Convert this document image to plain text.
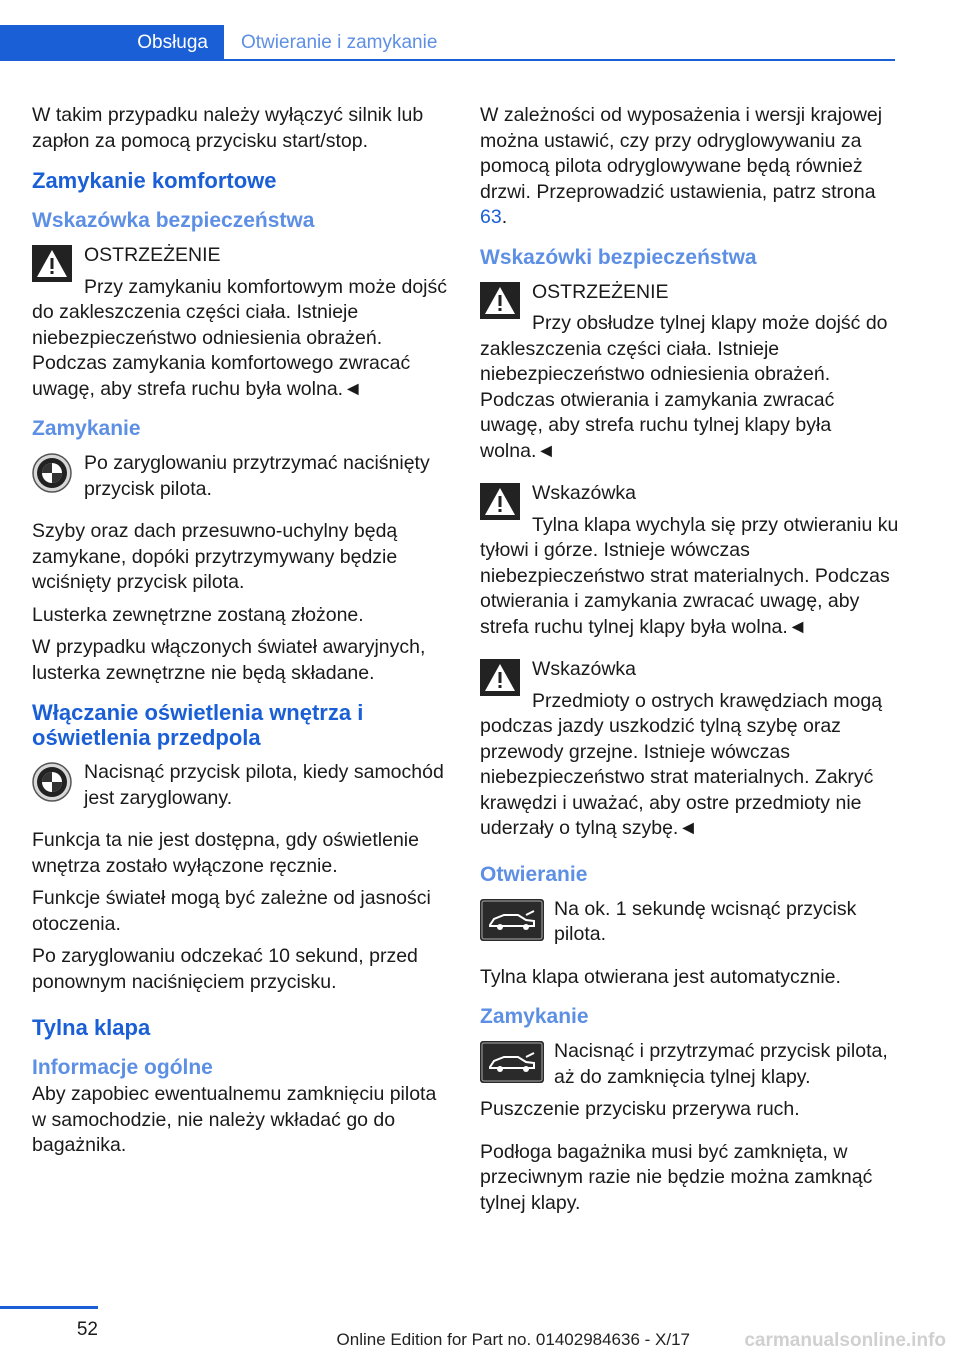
Obsługa	Otwieranie i zamykanie

W takim przypadku należy wyłączyć silnik lub zapłon za pomocą przycisku start/stop.

Zamykanie komfortowe
Wskazówka bezpieczeństwa
OSTRZEŻENIE
Przy zamykaniu komfortowym może dojść do zakleszczenia części ciała. Istnieje niebezpieczeństwo odniesienia obrażeń. Podczas zamykania komfortowego zwracać uwagę, aby strefa ruchu była wolna.◄
Zamykanie
Po zaryglowaniu przytrzymać naciśnięty przycisk pilota.

Szyby oraz dach przesuwno-uchylny będą zamykane, dopóki przytrzymywany będzie wciśnięty przycisk pilota.

Lusterka zewnętrzne zostaną złożone.

W przypadku włączonych świateł awaryjnych, lusterka zewnętrzne nie będą składane.

Włączanie oświetlenia wnętrza i oświetlenia przedpola
Nacisnąć przycisk pilota, kiedy samochód jest zaryglowany.

Funkcja ta nie jest dostępna, gdy oświetlenie wnętrza zostało wyłączone ręcznie.

Funkcje świateł mogą być zależne od jasności otoczenia.

Po zaryglowaniu odczekać 10 sekund, przed ponownym naciśnięciem przycisku.

Tylna klapa
Informacje ogólne

Aby zapobiec ewentualnemu zamknięciu pilota w samochodzie, nie należy wkładać go do bagażnika.

W zależności od wyposażenia i wersji krajowej można ustawić, czy przy odryglowywaniu za pomocą pilota odryglowywane będą również drzwi. Przeprowadzić ustawienia, patrz strona 63.

Wskazówki bezpieczeństwa
OSTRZEŻENIE
Przy obsłudze tylnej klapy może dojść do zakleszczenia części ciała. Istnieje niebezpieczeństwo odniesienia obrażeń. Podczas otwierania i zamykania zwracać uwagę, aby strefa ruchu tylnej klapy była wolna.◄
Wskazówka
Tylna klapa wychyla się przy otwieraniu ku tyłowi i górze. Istnieje wówczas niebezpieczeństwo strat materialnych. Podczas otwierania i zamykania zwracać uwagę, aby strefa ruchu tylnej klapy była wolna.◄
Wskazówka
Przedmioty o ostrych krawędziach mogą podczas jazdy uszkodzić tylną szybę oraz przewody grzejne. Istnieje wówczas niebezpieczeństwo strat materialnych. Zakryć krawędzi i uważać, aby ostre przedmioty nie uderzały o tylną szybę.◄
Otwieranie
Na ok. 1 sekundę wcisnąć przycisk pilota.

Tylna klapa otwierana jest automatycznie.

Zamykanie
Nacisnąć i przytrzymać przycisk pilota, aż do zamknięcia tylnej klapy.

Puszczenie przycisku przerywa ruch.

Podłoga bagażnika musi być zamknięta, w przeciwnym razie nie będzie można zamknąć tylnej klapy.

52	Online Edition for Part no. 01402984636 - X/17	carmanualsonline.info
